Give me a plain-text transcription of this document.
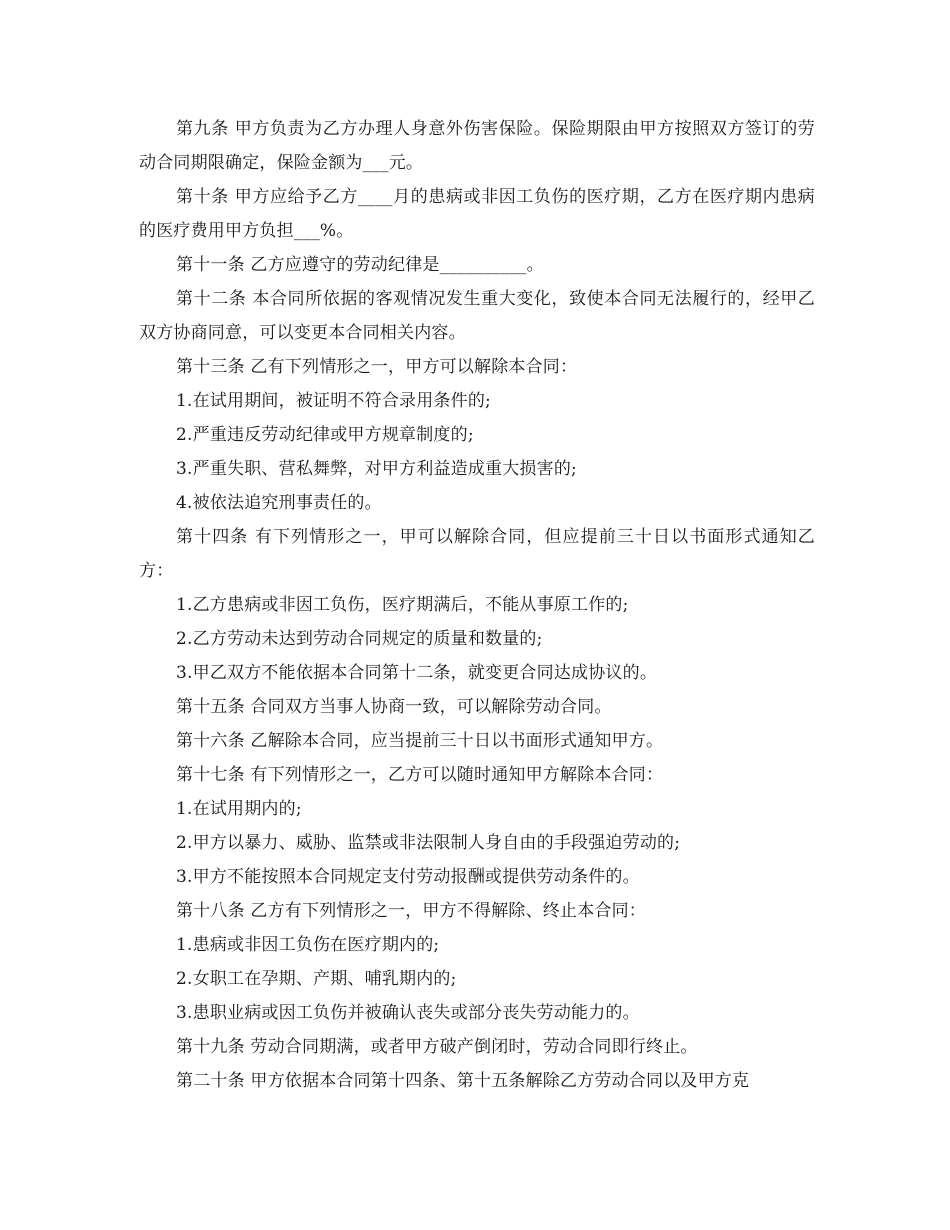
第九条 甲方负责为乙方办理人身意外伤害保险。保险期限由甲方按照双方签订的劳动合同期限确定，保险金额为___元。

第十条 甲方应给予乙方____月的患病或非因工负伤的医疗期，乙方在医疗期内患病的医疗费用甲方负担___%。

第十一条 乙方应遵守的劳动纪律是__________。

第十二条 本合同所依据的客观情况发生重大变化，致使本合同无法履行的，经甲乙双方协商同意，可以变更本合同相关内容。

第十三条 乙有下列情形之一，甲方可以解除本合同：

1.在试用期间，被证明不符合录用条件的;

2.严重违反劳动纪律或甲方规章制度的;

3.严重失职、营私舞弊，对甲方利益造成重大损害的;

4.被依法追究刑事责任的。

第十四条 有下列情形之一，甲可以解除合同，但应提前三十日以书面形式通知乙方：

1.乙方患病或非因工负伤，医疗期满后，不能从事原工作的;

2.乙方劳动未达到劳动合同规定的质量和数量的;

3.甲乙双方不能依据本合同第十二条，就变更合同达成协议的。

第十五条 合同双方当事人协商一致，可以解除劳动合同。

第十六条 乙解除本合同，应当提前三十日以书面形式通知甲方。

第十七条 有下列情形之一，乙方可以随时通知甲方解除本合同：

1.在试用期内的;

2.甲方以暴力、威胁、监禁或非法限制人身自由的手段强迫劳动的;

3.甲方不能按照本合同规定支付劳动报酬或提供劳动条件的。

第十八条 乙方有下列情形之一，甲方不得解除、终止本合同：

1.患病或非因工负伤在医疗期内的;

2.女职工在孕期、产期、哺乳期内的;

3.患职业病或因工负伤并被确认丧失或部分丧失劳动能力的。

第十九条 劳动合同期满，或者甲方破产倒闭时，劳动合同即行终止。

第二十条 甲方依据本合同第十四条、第十五条解除乙方劳动合同以及甲方克
